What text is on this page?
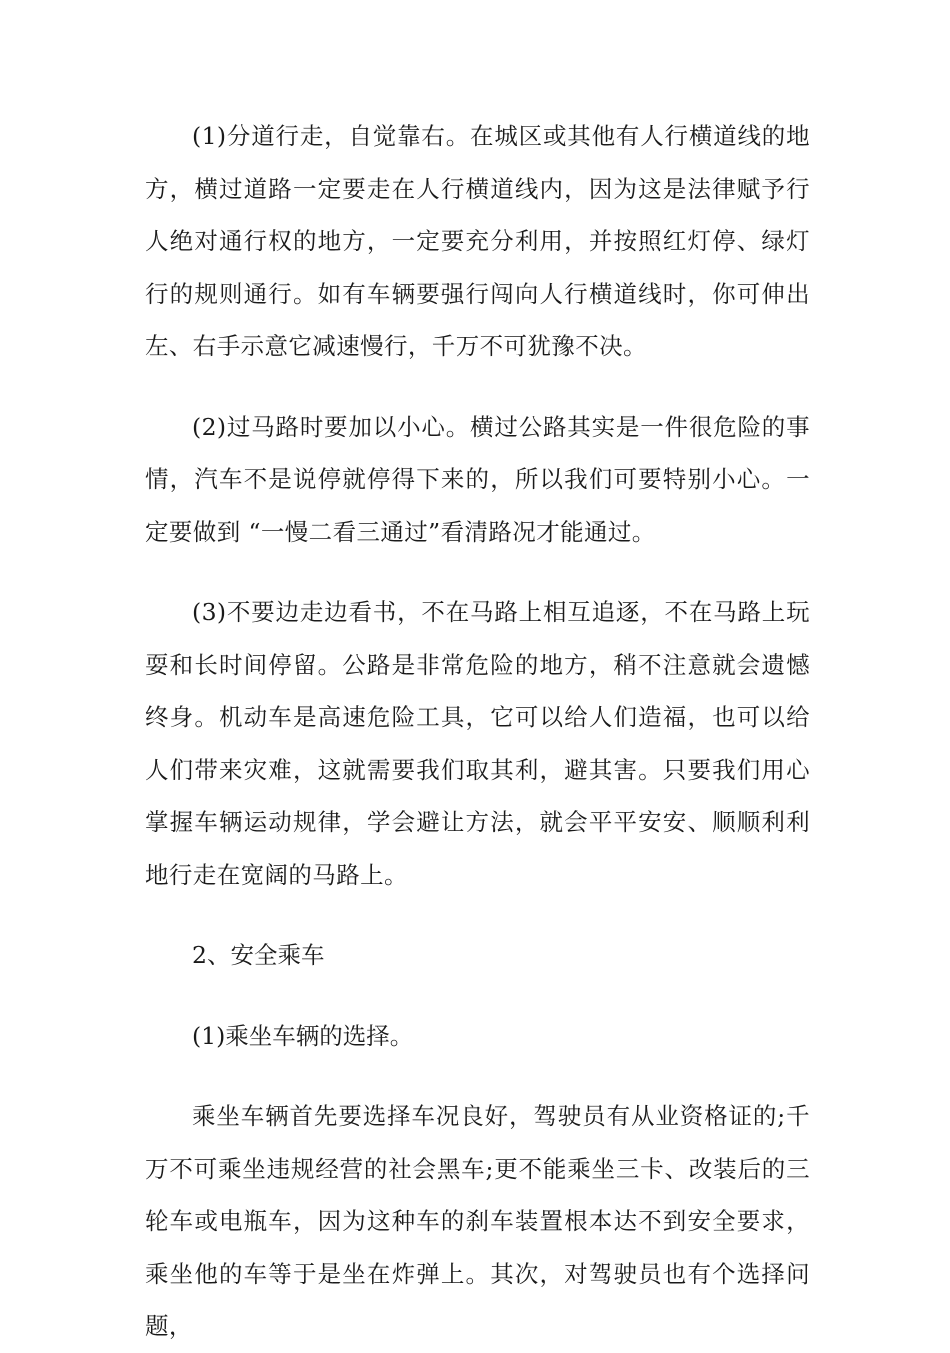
(1)分道行走，自觉靠右。在城区或其他有人行横道线的地方，横过道路一定要走在人行横道线内，因为这是法律赋予行人绝对通行权的地方，一定要充分利用，并按照红灯停、绿灯行的规则通行。如有车辆要强行闯向人行横道线时，你可伸出左、右手示意它减速慢行，千万不可犹豫不决。

(2)过马路时要加以小心。横过公路其实是一件很危险的事情，汽车不是说停就停得下来的，所以我们可要特别小心。一定要做到 “一慢二看三通过”看清路况才能通过。

(3)不要边走边看书，不在马路上相互追逐，不在马路上玩耍和长时间停留。公路是非常危险的地方，稍不注意就会遗憾终身。机动车是高速危险工具，它可以给人们造福，也可以给人们带来灾难，这就需要我们取其利，避其害。只要我们用心掌握车辆运动规律，学会避让方法，就会平平安安、顺顺利利地行走在宽阔的马路上。

2、安全乘车

(1)乘坐车辆的选择。

乘坐车辆首先要选择车况良好，驾驶员有从业资格证的;千万不可乘坐违规经营的社会黑车;更不能乘坐三卡、改装后的三轮车或电瓶车，因为这种车的刹车装置根本达不到安全要求，乘坐他的车等于是坐在炸弹上。其次，对驾驶员也有个选择问题，
